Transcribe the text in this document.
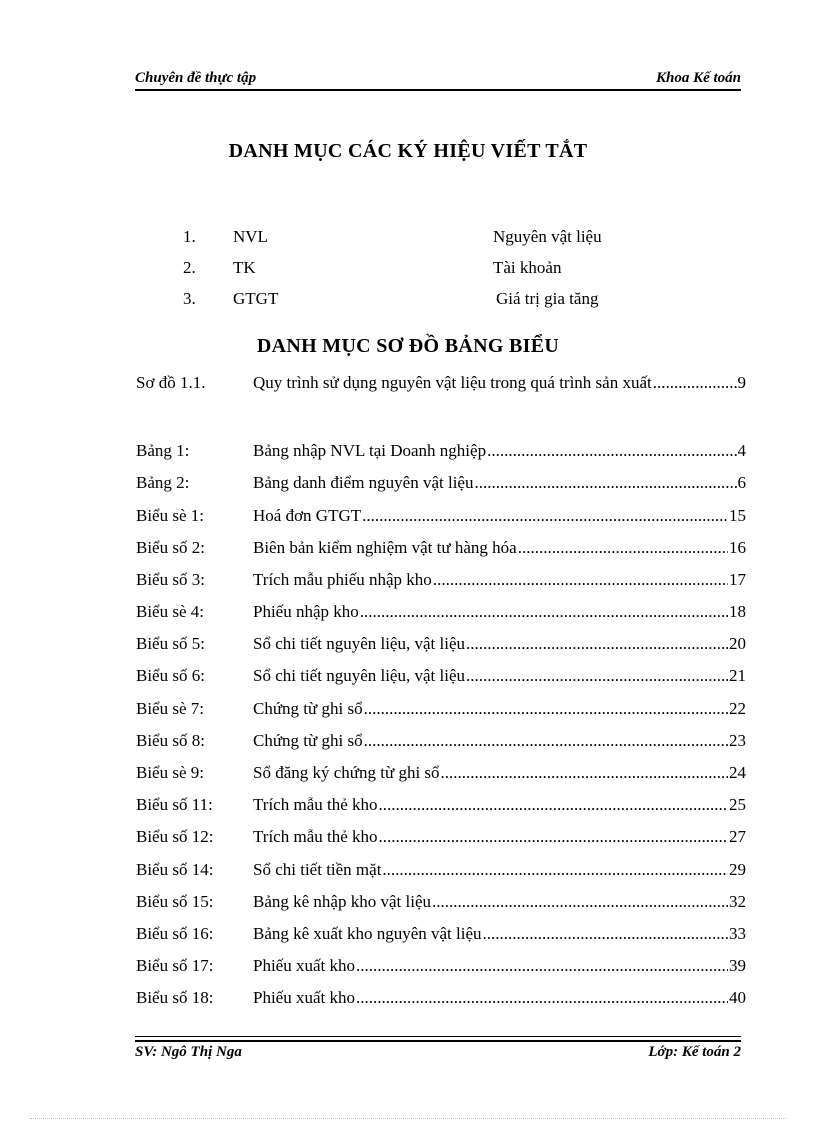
Chuyên đề thực tập	Khoa Kế toán
DANH MỤC CÁC KÝ HIỆU VIẾT TẮT
1. NVL	Nguyên vật liệu
2. TK	Tài khoản
3. GTGT	Giá trị gia tăng
DANH MỤC SƠ ĐỒ BẢNG BIỂU
Sơ đồ 1.1.	Quy trình sử dụng nguyên vật liệu trong quá trình sản xuất .....	9
Bảng 1:	Bảng nhập NVL tại Doanh nghiệp .....	4
Bảng 2:	Bảng danh điểm nguyên vật liệu .....	6
Biểu sè 1:	Hoá đơn GTGT .....	15
Biểu số 2:	Biên bản kiểm nghiệm vật tư hàng hóa .....	16
Biểu số 3:	Trích mẫu phiếu nhập kho .....	17
Biểu sè 4:	Phiếu nhập kho .....	18
Biểu số 5:	Sổ chi tiết nguyên liệu, vật liệu .....	20
Biểu số 6:	Sổ chi tiết nguyên liệu, vật liệu .....	21
Biểu sè 7:	Chứng từ ghi sổ .....	22
Biểu số 8:	Chứng từ ghi sổ .....	23
Biểu sè 9:	Sổ đăng ký chứng từ ghi sổ .....	24
Biểu số 11: Trích mẫu thẻ kho .....	25
Biểu số 12: Trích mẫu thẻ kho .....	27
Biểu số 14: Sổ chi tiết tiền mặt .....	29
Biểu số 15: Bảng kê nhập kho vật liệu .....	32
Biểu số 16: Bảng kê xuất kho nguyên vật liệu .....	33
Biểu số 17: Phiếu xuất kho .....	39
Biểu số 18: Phiếu xuất kho .....	40
SV: Ngô Thị Nga	Lớp: Kế toán 2
